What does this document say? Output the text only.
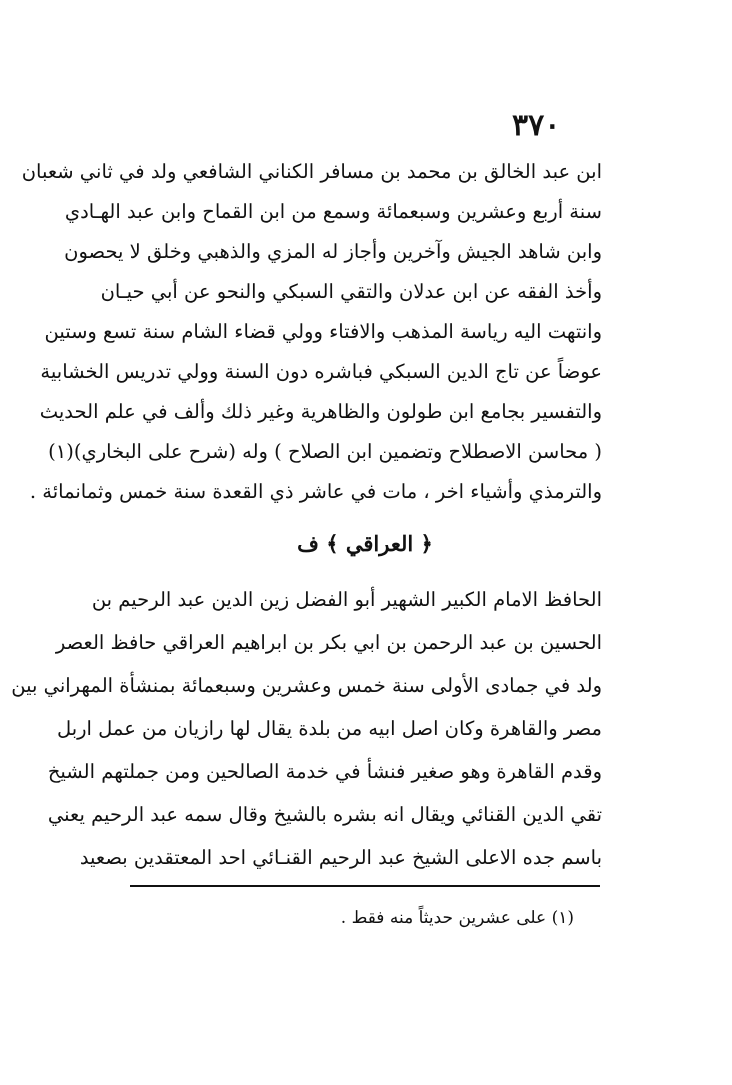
٣٧٠
ابن عبد الخالق بن محمد بن مسافر الكناني الشافعي ولد في ثاني شعبان
سنة أربع وعشرين وسبعمائة وسمع من ابن القماح وابن عبد الهـادي
وابن شاهد الجيش وآخرين وأجاز له المزي والذهبي وخلق لا يحصون
وأخذ الفقه عن ابن عدلان والتقي السبكي والنحو عن أبي حيـان
وانتهت اليه رياسة المذهب والافتاء وولي قضاء الشام سنة تسع وستين
عوضاً عن تاج الدين السبكي فباشره دون السنة وولي تدريس الخشابية
والتفسير بجامع ابن طولون والظاهرية وغير ذلك وألف في علم الحديث
( محاسن الاصطلاح وتضمين ابن الصلاح ) وله (شرح على البخاري)(١)
والترمذي وأشياء اخر ، مات في عاشر ذي القعدة سنة خمس وثمانمائة .
﴿ العراقي ﴾ ف
الحافظ الامام الكبير الشهير أبو الفضل زين الدين عبد الرحيم بن
الحسين بن عبد الرحمن بن ابي بكر بن ابراهيم العراقي حافظ العصر
ولد في جمادى الأولى سنة خمس وعشرين وسبعمائة بمنشأة المهراني بين
مصر والقاهرة وكان اصل ابيه من بلدة يقال لها رازيان من عمل اربل
وقدم القاهرة وهو صغير فنشأ في خدمة الصالحين ومن جملتهم الشيخ
تقي الدين القنائي ويقال انه بشره بالشيخ وقال سمه عبد الرحيم يعني
باسم جده الاعلى الشيخ عبد الرحيم القنـائي احد المعتقدين بصعيد
(١) على عشرين حديثاً منه فقط .
